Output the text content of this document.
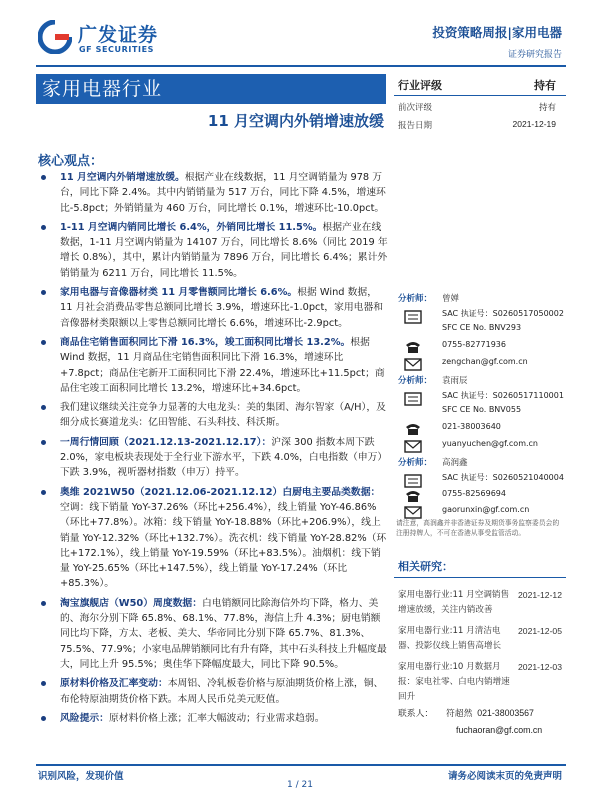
广发证券
GF SECURITIES
投资策略周报|家用电器
证券研究报告
家用电器行业
11 月空调内外销增速放缓
行业评级	持有
前次评级	持有
报告日期	2021-12-19
核心观点：
11 月空调内外销增速放缓。根据产业在线数据，11 月空调销量为 978 万台，同比下降 2.4%。其中内销销量为 517 万台，同比下降 4.5%，增速环比-5.8pct；外销销量为 460 万台，同比增长 0.1%，增速环比-10.0pct。
1-11 月空调内销同比增长 6.4%，外销同比增长 11.5%。根据产业在线数据，1-11 月空调内销量为 14107 万台，同比增长 8.6%（同比 2019 年增长 0.8%），其中，累计内销销量为 7896 万台，同比增长 6.4%；累计外销销量为 6211 万台，同比增长 11.5%。
家用电器与音像器材类 11 月零售额同比增长 6.6%。根据 Wind 数据，11 月社会消费品零售总额同比增长 3.9%，增速环比-1.0pct，家用电器和音像器材类限额以上零售总额同比增长 6.6%，增速环比-2.9pct。
商品住宅销售面积同比下滑 16.3%，竣工面积同比增长 13.2%。根据 Wind 数据，11 月商品住宅销售面积同比下滑 16.3%，增速环比+7.8pct；商品住宅新开工面积同比下滑 22.4%，增速环比+11.5pct；商品住宅竣工面积同比增长 13.2%，增速环比+34.6pct。
我们建议继续关注竞争力显著的大电龙头：美的集团、海尔智家（A/H），及细分成长赛道龙头：亿田智能、石头科技、科沃斯。
一周行情回顾（2021.12.13-2021.12.17）：沪深 300 指数本周下跌 2.0%，家电板块表现处于全行业下游水平，下跌 4.0%，白电指数（申万）下跌 3.9%，视听器材指数（申万）持平。
奥维 2021W50（2021.12.06-2021.12.12）白厨电主要品类数据：空调：线下销量 YoY-37.26%（环比+256.4%），线上销量 YoY-46.86%（环比+77.8%）。冰箱：线下销量 YoY-18.88%（环比+206.9%），线上销量 YoY-12.32%（环比+132.7%）。洗衣机：线下销量 YoY-28.82%（环比+172.1%），线上销量 YoY-19.59%（环比+83.5%）。油烟机：线下销量 YoY-25.65%（环比+147.5%），线上销量 YoY-17.24%（环比+85.3%）。
淘宝旗舰店（W50）周度数据：白电销额同比除海信外均下降，格力、美的、海尔分别下降 65.8%、68.1%、77.8%，海信上升 4.3%；厨电销额同比均下降，方太、老板、美大、华帝同比分别下降 65.7%、81.3%、75.5%、77.9%；小家电品牌销额同比有升有降，其中石头科技上升幅度最大，同比上升 95.5%；奥佳华下降幅度最大，同比下降 90.5%。
原材料价格及汇率变动：本周铝、冷轧板卷价格与原油期货价格上涨，铜、布伦特原油期货价格下跌。本周人民币兑美元贬值。
风险提示：原材料价格上涨；汇率大幅波动；行业需求趋弱。
分析师： 曾婵
SAC 执证号：S0260517050002
SFC CE No. BNV293
0755-82771936
zengchan@gf.com.cn
分析师： 袁雨辰
SAC 执证号：S0260517110001
SFC CE No. BNV055
021-38003640
yuanyuchen@gf.com.cn
分析师： 高润鑫
SAC 执证号：S0260521040004
0755-82569694
gaorunxin@gf.com.cn
请注意，高润鑫并非香港证券及期货事务监察委员会的注册持牌人，不可在香港从事受监管活动。
相关研究：
家用电器行业:11 月空调销售增速放缓，关注内销改善
2021-12-12
家用电器行业:11 月清洁电器、投影仪线上销售高增长
2021-12-05
家用电器行业:10 月数据月报：家电社零、白电内销增速回升
2021-12-03
联系人： 符超然 021-38003567
fuchaoran@gf.com.cn
识别风险，发现价值	请务必阅读末页的免责声明
1 / 21
